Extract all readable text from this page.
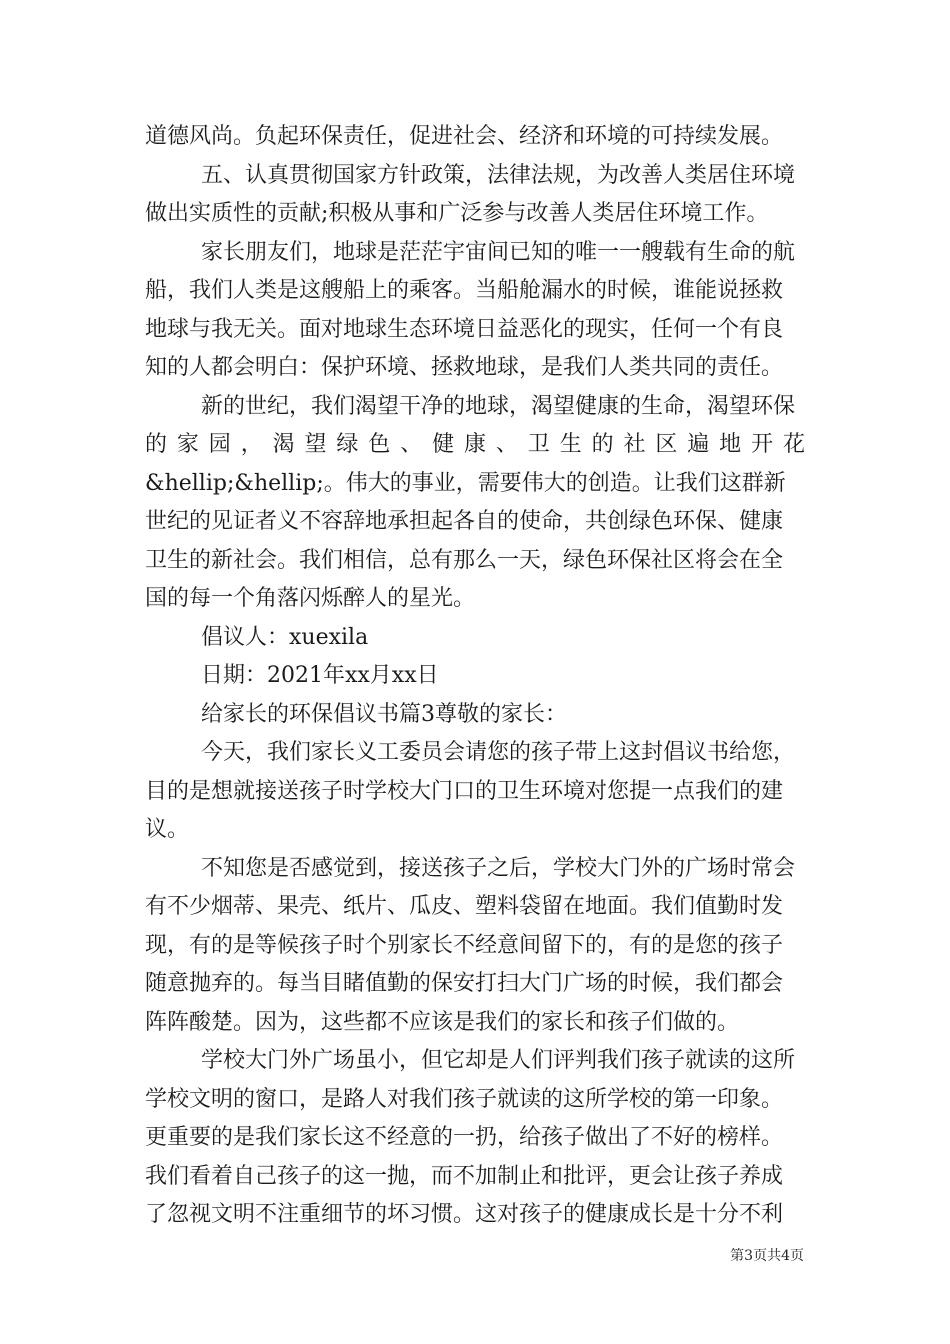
道德风尚。负起环保责任，促进社会、经济和环境的可持续发展。
五、认真贯彻国家方针政策，法律法规，为改善人类居住环境
做出实质性的贡献;积极从事和广泛参与改善人类居住环境工作。
家长朋友们，地球是茫茫宇宙间已知的唯一一艘载有生命的航
船，我们人类是这艘船上的乘客。当船舱漏水的时候，谁能说拯救
地球与我无关。面对地球生态环境日益恶化的现实，任何一个有良
知的人都会明白：保护环境、拯救地球，是我们人类共同的责任。
新的世纪，我们渴望干净的地球，渴望健康的生命，渴望环保
的家园，渴望绿色、健康、卫生的社区遍地开花
&hellip;&hellip;。伟大的事业，需要伟大的创造。让我们这群新
世纪的见证者义不容辞地承担起各自的使命，共创绿色环保、健康
卫生的新社会。我们相信，总有那么一天，绿色环保社区将会在全
国的每一个角落闪烁醉人的星光。
倡议人：xuexila
日期：2021年xx月xx日
给家长的环保倡议书篇3尊敬的家长：
今天，我们家长义工委员会请您的孩子带上这封倡议书给您，
目的是想就接送孩子时学校大门口的卫生环境对您提一点我们的建
议。
不知您是否感觉到，接送孩子之后，学校大门外的广场时常会
有不少烟蒂、果壳、纸片、瓜皮、塑料袋留在地面。我们值勤时发
现，有的是等候孩子时个别家长不经意间留下的，有的是您的孩子
随意抛弃的。每当目睹值勤的保安打扫大门广场的时候，我们都会
阵阵酸楚。因为，这些都不应该是我们的家长和孩子们做的。
学校大门外广场虽小，但它却是人们评判我们孩子就读的这所
学校文明的窗口，是路人对我们孩子就读的这所学校的第一印象。
更重要的是我们家长这不经意的一扔，给孩子做出了不好的榜样。
我们看着自己孩子的这一抛，而不加制止和批评，更会让孩子养成
了忽视文明不注重细节的坏习惯。这对孩子的健康成长是十分不利
第3页共4页
